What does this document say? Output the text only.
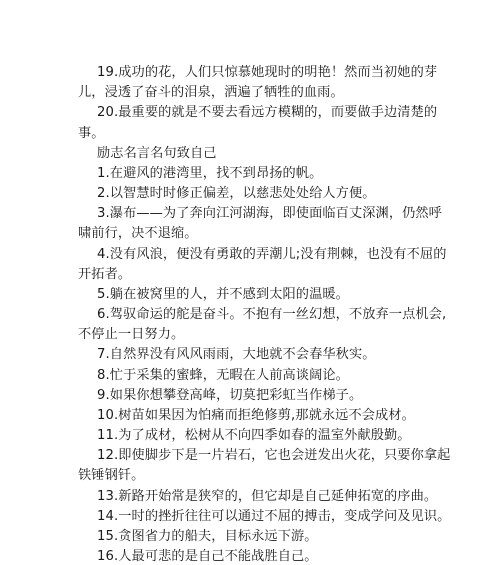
19.成功的花，人们只惊慕她现时的明艳！然而当初她的芽
儿，浸透了奋斗的泪泉，洒遍了牺牲的血雨。
20.最重要的就是不要去看远方模糊的，而要做手边清楚的
事。
励志名言名句致自己
1.在避风的港湾里，找不到昂扬的帆。
2.以智慧时时修正偏差，以慈悲处处给人方便。
3.瀑布——为了奔向江河湖海，即使面临百丈深渊，仍然呼
啸前行，决不退缩。
4.没有风浪，便没有勇敢的弄潮儿;没有荆棘，也没有不屈的
开拓者。
5.躺在被窝里的人，并不感到太阳的温暖。
6.驾驭命运的舵是奋斗。不抱有一丝幻想，不放弃一点机会,
不停止一日努力。
7.自然界没有风风雨雨，大地就不会春华秋实。
8.忙于采集的蜜蜂，无暇在人前高谈阔论。
9.如果你想攀登高峰，切莫把彩虹当作梯子。
10.树苗如果因为怕痛而拒绝修剪,那就永远不会成材。
11.为了成材，松树从不向四季如春的温室外献殷勤。
12.即使脚步下是一片岩石，它也会迸发出火花，只要你拿起
铁锤钢钎。
13.新路开始常是狭窄的，但它却是自己延伸拓宽的序曲。
14.一时的挫折往往可以通过不屈的搏击，变成学问及见识。
15.贪图省力的船夫，目标永远下游。
16.人最可悲的是自己不能战胜自己。
